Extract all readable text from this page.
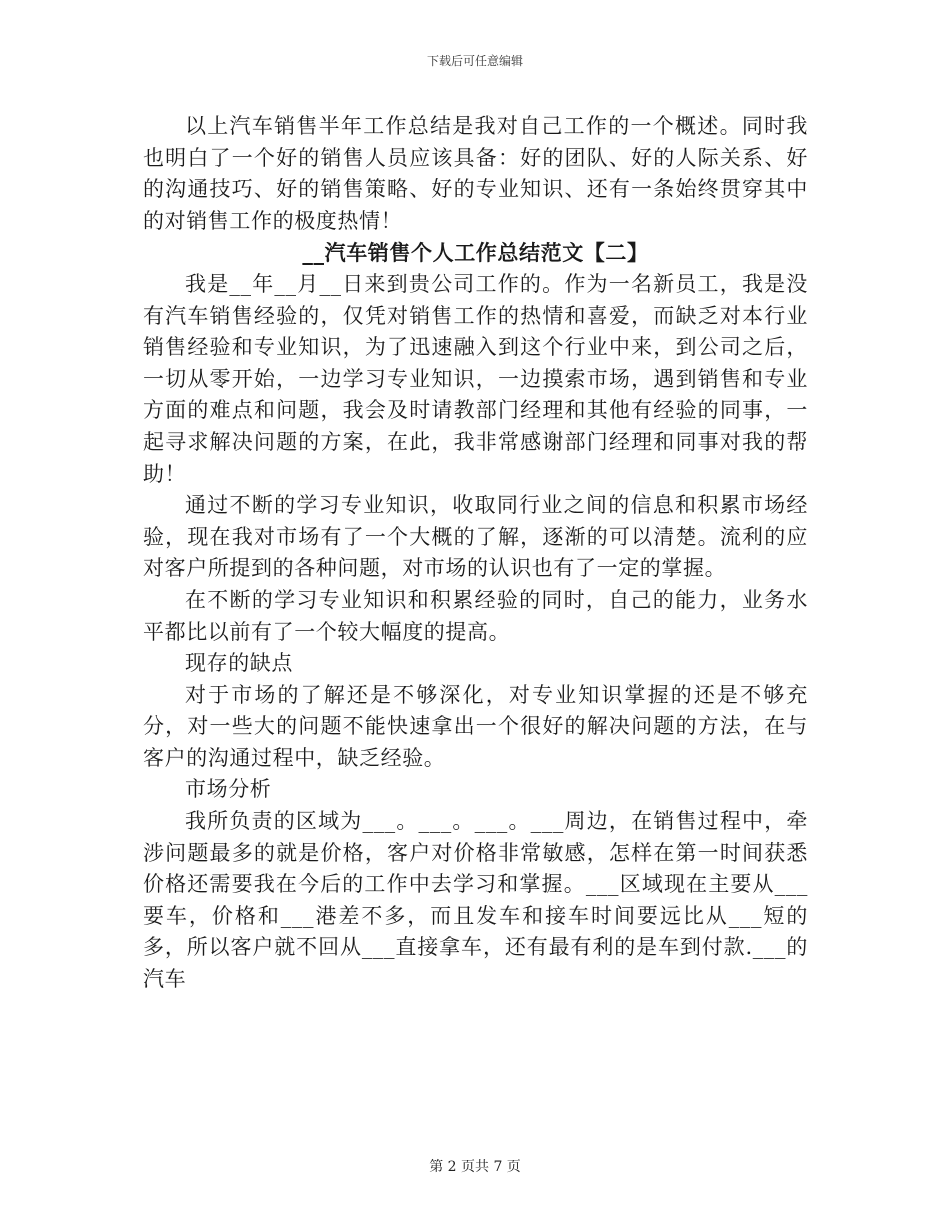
下载后可任意编辑

以上汽车销售半年工作总结是我对自己工作的一个概述。同时我也明白了一个好的销售人员应该具备：好的团队、好的人际关系、好的沟通技巧、好的销售策略、好的专业知识、还有一条始终贯穿其中的对销售工作的极度热情！

__汽车销售个人工作总结范文【二】

我是__年__月__日来到贵公司工作的。作为一名新员工，我是没有汽车销售经验的，仅凭对销售工作的热情和喜爱，而缺乏对本行业销售经验和专业知识，为了迅速融入到这个行业中来，到公司之后，一切从零开始，一边学习专业知识，一边摸索市场，遇到销售和专业方面的难点和问题，我会及时请教部门经理和其他有经验的同事，一起寻求解决问题的方案，在此，我非常感谢部门经理和同事对我的帮助！

通过不断的学习专业知识，收取同行业之间的信息和积累市场经验，现在我对市场有了一个大概的了解，逐渐的可以清楚。流利的应对客户所提到的各种问题，对市场的认识也有了一定的掌握。

在不断的学习专业知识和积累经验的同时，自己的能力，业务水平都比以前有了一个较大幅度的提高。

现存的缺点

对于市场的了解还是不够深化，对专业知识掌握的还是不够充分，对一些大的问题不能快速拿出一个很好的解决问题的方法，在与客户的沟通过程中，缺乏经验。

市场分析

我所负责的区域为___。___。___。___周边，在销售过程中，牵涉问题最多的就是价格，客户对价格非常敏感，怎样在第一时间获悉价格还需要我在今后的工作中去学习和掌握。___区域现在主要从___要车，价格和___港差不多，而且发车和接车时间要远比从___短的多，所以客户就不回从___直接拿车，还有最有利的是车到付款.___的汽车

第 2 页共 7 页
